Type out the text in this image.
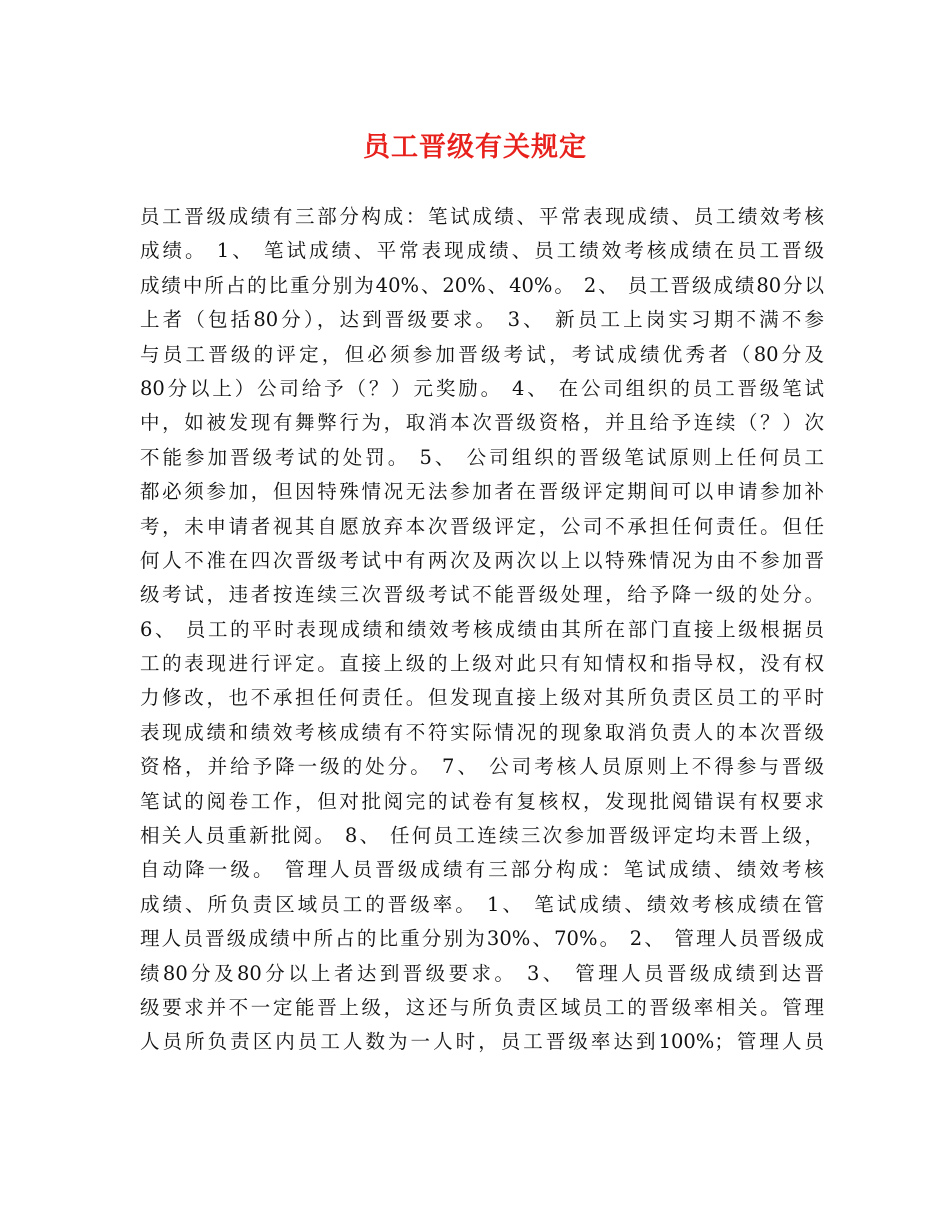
员工晋级有关规定
员工晋级成绩有三部分构成：笔试成绩、平常表现成绩、员工绩效考核
成绩。 1、 笔试成绩、平常表现成绩、员工绩效考核成绩在员工晋级
成绩中所占的比重分别为40%、20%、40%。 2、 员工晋级成绩80分以
上者（包括80分），达到晋级要求。 3、 新员工上岗实习期不满不参
与员工晋级的评定，但必须参加晋级考试，考试成绩优秀者（80分及
80分以上）公司给予（？）元奖励。 4、 在公司组织的员工晋级笔试
中，如被发现有舞弊行为，取消本次晋级资格，并且给予连续（？）次
不能参加晋级考试的处罚。 5、 公司组织的晋级笔试原则上任何员工
都必须参加，但因特殊情况无法参加者在晋级评定期间可以申请参加补
考，未申请者视其自愿放弃本次晋级评定，公司不承担任何责任。但任
何人不准在四次晋级考试中有两次及两次以上以特殊情况为由不参加晋
级考试，违者按连续三次晋级考试不能晋级处理，给予降一级的处分。
6、 员工的平时表现成绩和绩效考核成绩由其所在部门直接上级根据员
工的表现进行评定。直接上级的上级对此只有知情权和指导权，没有权
力修改，也不承担任何责任。但发现直接上级对其所负责区员工的平时
表现成绩和绩效考核成绩有不符实际情况的现象取消负责人的本次晋级
资格，并给予降一级的处分。 7、 公司考核人员原则上不得参与晋级
笔试的阅卷工作，但对批阅完的试卷有复核权，发现批阅错误有权要求
相关人员重新批阅。 8、 任何员工连续三次参加晋级评定均未晋上级，
自动降一级。 管理人员晋级成绩有三部分构成：笔试成绩、绩效考核
成绩、所负责区域员工的晋级率。 1、 笔试成绩、绩效考核成绩在管
理人员晋级成绩中所占的比重分别为30%、70%。 2、 管理人员晋级成
绩80分及80分以上者达到晋级要求。 3、 管理人员晋级成绩到达晋
级要求并不一定能晋上级，这还与所负责区域员工的晋级率相关。管理
人员所负责区内员工人数为一人时，员工晋级率达到100%；管理人员
